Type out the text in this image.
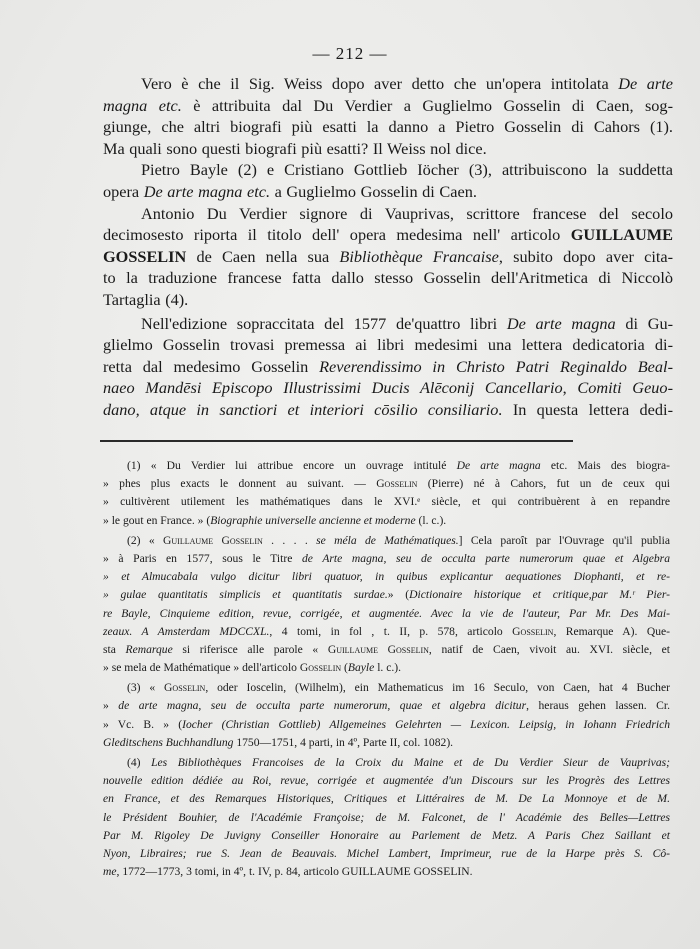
— 212 —
Vero è che il Sig. Weiss dopo aver detto che un'opera intitolata De arte
magna etc. è attribuita dal Du Verdier a Guglielmo Gosselin di Caen, sog-
giunge, che altri biografi più esatti la danno a Pietro Gosselin di Cahors (1).
Ma quali sono questi biografi più esatti? Il Weiss nol dice.
Pietro Bayle (2) e Cristiano Gottlieb Iöcher (3), attribuiscono la suddetta
opera De arte magna etc. a Guglielmo Gosselin di Caen.
Antonio Du Verdier signore di Vauprivas, scrittore francese del secolo
decimosesto riporta il titolo dell' opera medesima nell' articolo GUILLAUME
GOSSELIN de Caen nella sua Bibliothèque Francaise, subito dopo aver cita-
to la traduzione francese fatta dallo stesso Gosselin dell'Aritmetica di Niccolò
Tartaglia (4).
Nell'edizione sopraccitata del 1577 de'quattro libri De arte magna di Gu-
glielmo Gosselin trovasi premessa ai libri medesimi una lettera dedicatoria di-
retta dal medesimo Gosselin Reverendissimo in Christo Patri Reginaldo Beal-
naeo Mandēsi Episcopo Illustrissimi Ducis Alēconij Cancellario, Comiti Geuo-
dano, atque in sanctiori et interiori cōsilio consiliario. In questa lettera dedi-
(1) « Du Verdier lui attribue encore un ouvrage intitulé De arte magna etc. Mais des biogra-
» phes plus exacts le donnent au suivant. — Gosselin (Pierre) né à Cahors, fut un de ceux qui
» cultivèrent utilement les mathématiques dans le XVI.ᵉ siècle, et qui contribuèrent à en repandre
» le gout en France. » (Biographie universelle ancienne et moderne (l. c.).
(2) « Guillaume Gosselin . . . . se méla de Mathématiques.] Cela paroît par l'Ouvrage qu'il publia
» à Paris en 1577, sous le Titre de Arte magna, seu de occulta parte numerorum quae et Algebra
» et Almucabala vulgo dicitur libri quatuor, in quibus explicantur aequationes Diophanti, et re-
» gulae quantitatis simplicis et quantitatis surdae.» (Dictionaire historique et critique,par M.ʳ Pier-
re Bayle, Cinquieme edition, revue, corrigée, et augmentée. Avec la vie de l'auteur, Par Mr. Des Mai-
zeaux. A Amsterdam MDCCXL., 4 tomi, in fol , t. II, p. 578, articolo Gosselin, Remarque A). Que-
sta Remarque si riferisce alle parole « Guillaume Gosselin, natif de Caen, vivoit au. XVI. siècle, et
» se mela de Mathématique » dell'articolo Gosselin (Bayle l. c.).
(3) « Gosselin, oder Ioscelin, (Wilhelm), ein Mathematicus im 16 Seculo, von Caen, hat 4 Bucher
» de arte magna, seu de occulta parte numerorum, quae et algebra dicitur, heraus gehen lassen. Cr.
» Vc. B. » (Iocher (Christian Gottlieb) Allgemeines Gelehrten — Lexicon. Leipsig, in Iohann Friedrich
Gleditschens Buchhandlung 1750—1751, 4 parti, in 4º, Parte II, col. 1082).
(4) Les Bibliothèques Francoises de la Croix du Maine et de Du Verdier Sieur de Vauprivas;
nouvelle edition dédiée au Roi, revue, corrigée et augmentée d'un Discours sur les Progrès des Lettres
en France, et des Remarques Historiques, Critiques et Littéraires de M. De La Monnoye et de M.
le Président Bouhier, de l'Académie Françoise; de M. Falconet, de l' Académie des Belles—Lettres
Par M. Rigoley De Juvigny Conseiller Honoraire au Parlement de Metz. A Paris Chez Saillant et
Nyon, Libraires; rue S. Jean de Beauvais. Michel Lambert, Imprimeur, rue de la Harpe près S. Cô-
me, 1772—1773, 3 tomi, in 4º, t. IV, p. 84, articolo GUILLAUME GOSSELIN.
